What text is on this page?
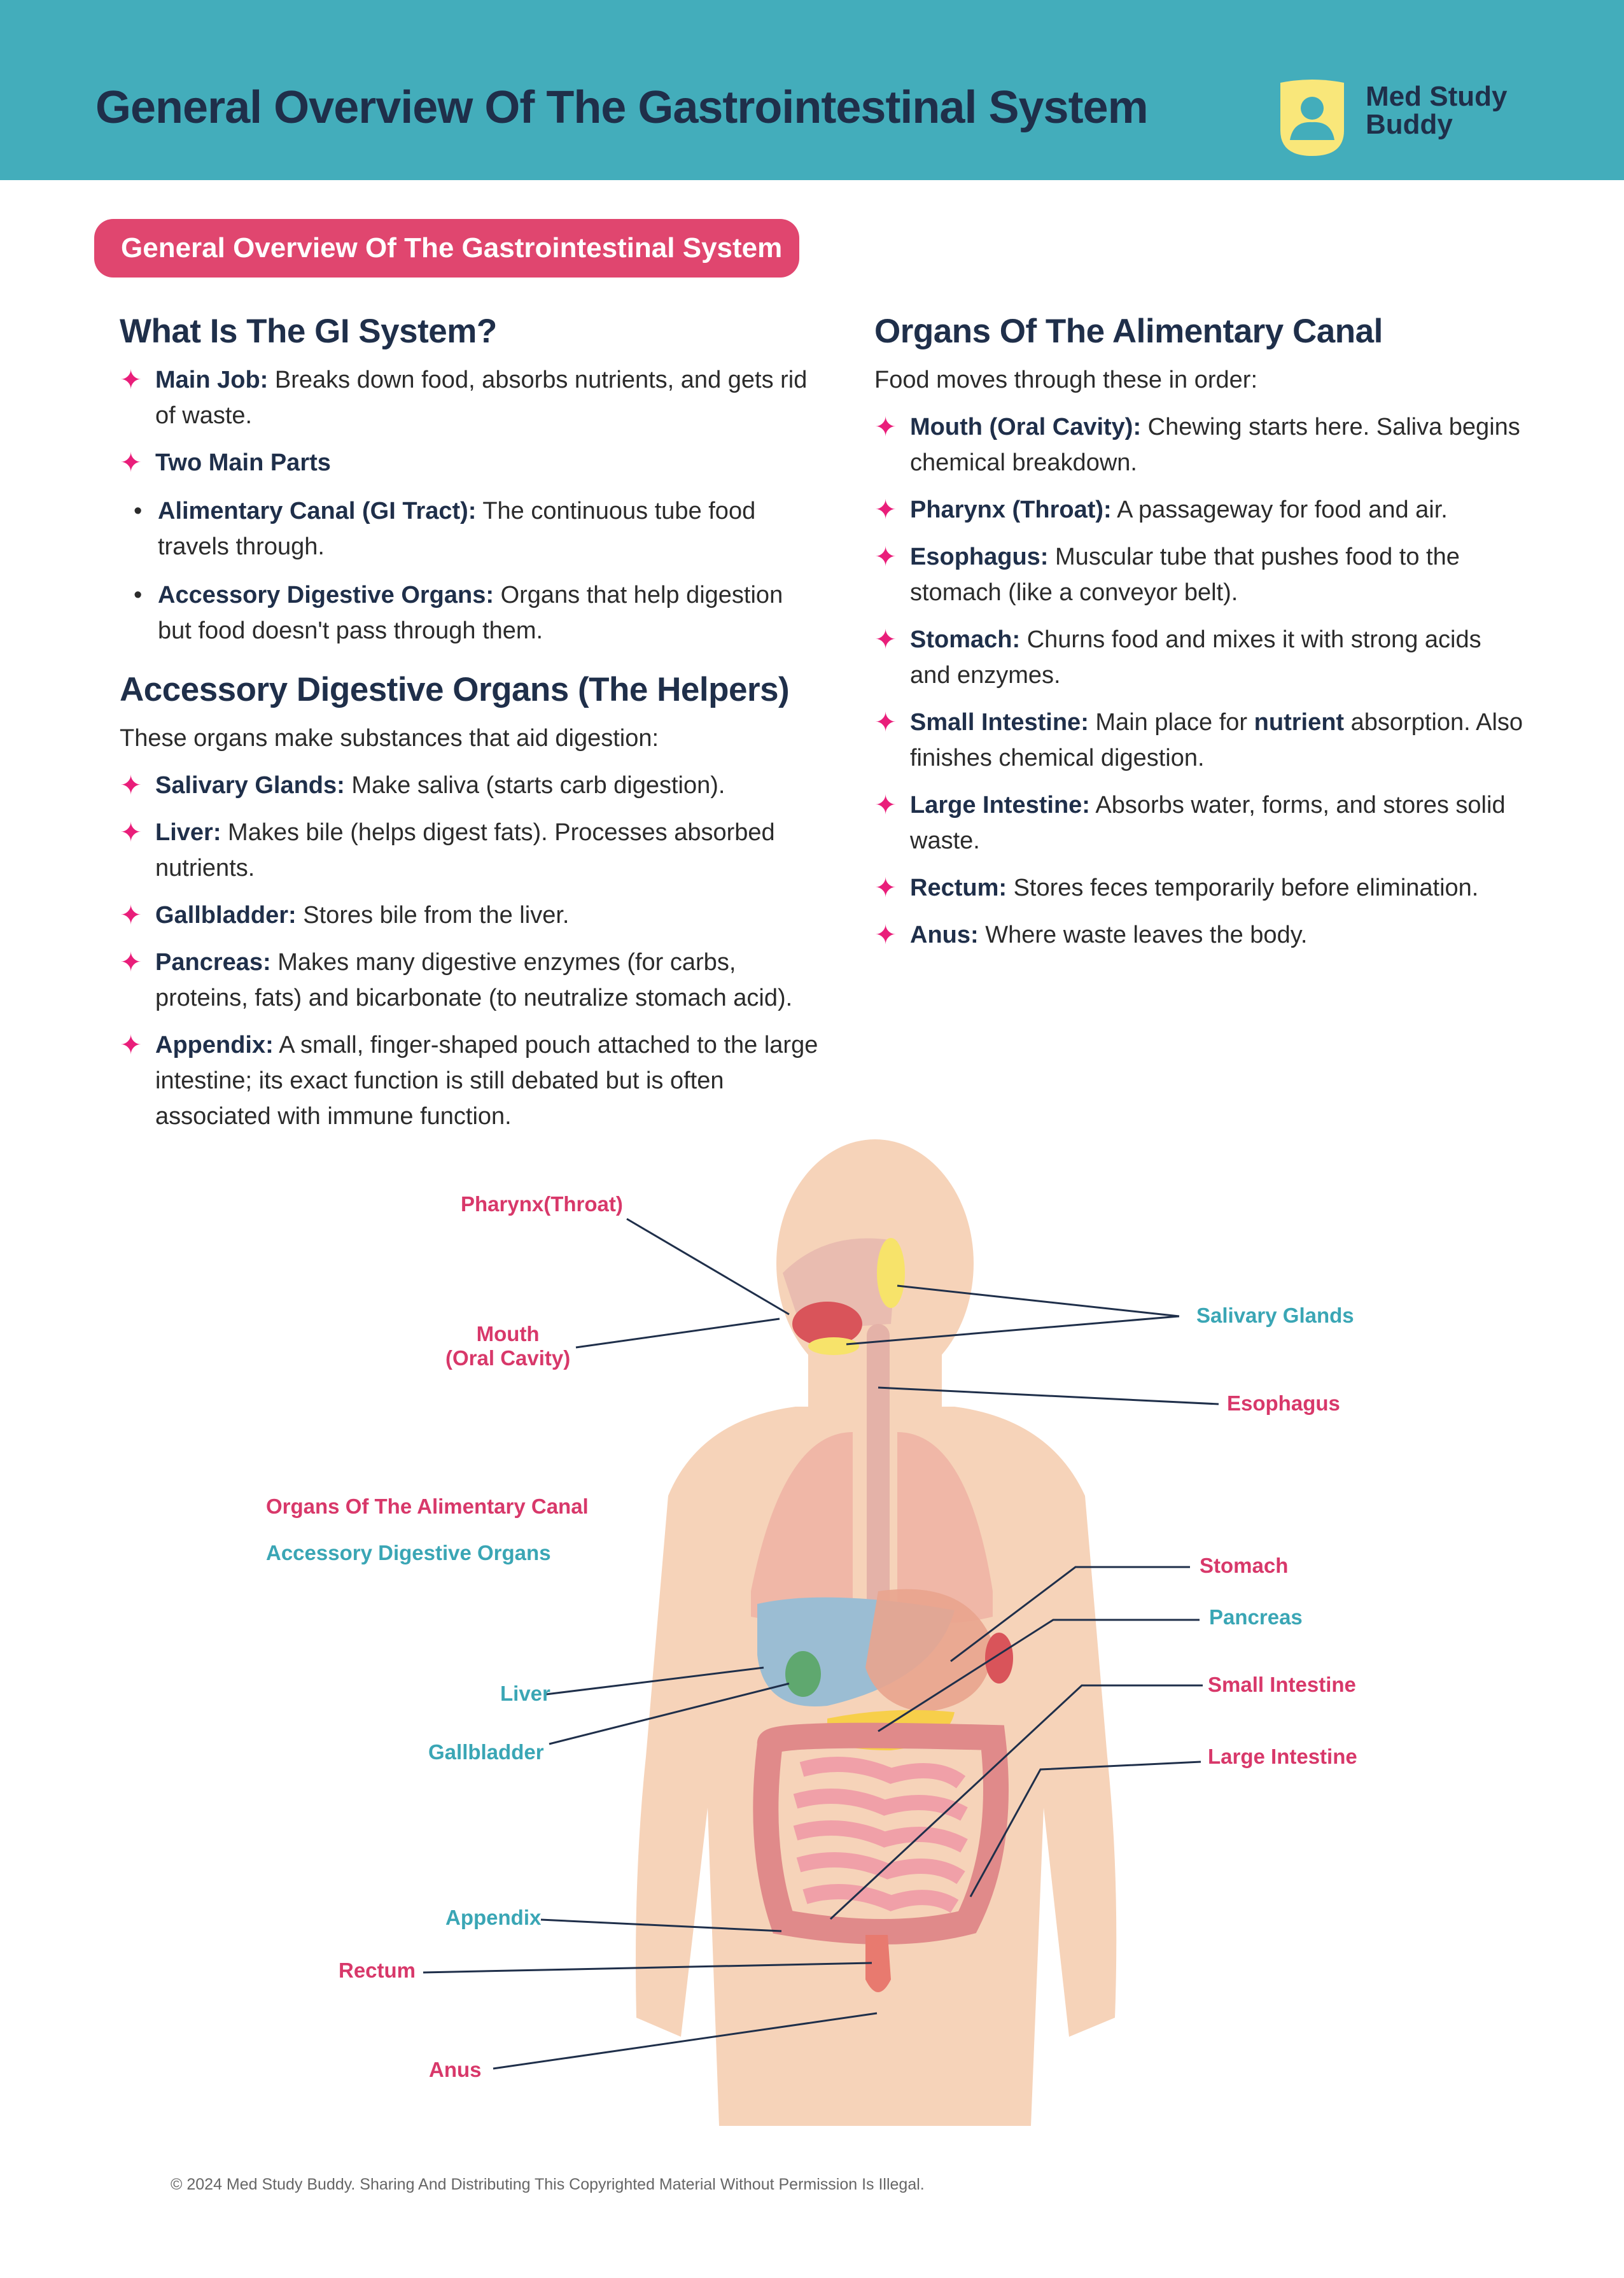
General Overview Of The Gastrointestinal System	Med Study
Buddy
General Overview Of The Gastrointestinal System
What Is The GI System?
✦ Main Job: Breaks down food, absorbs nutrients, and gets rid of waste.
✦ Two Main Parts
• Alimentary Canal (GI Tract): The continuous tube food travels through.
• Accessory Digestive Organs: Organs that help digestion but food doesn't pass through them.
Accessory Digestive Organs (The Helpers)
These organs make substances that aid digestion:
✦ Salivary Glands: Make saliva (starts carb digestion).
✦ Liver: Makes bile (helps digest fats). Processes absorbed nutrients.
✦ Gallbladder: Stores bile from the liver.
✦ Pancreas: Makes many digestive enzymes (for carbs, proteins, fats) and bicarbonate (to neutralize stomach acid).
✦ Appendix: A small, finger-shaped pouch attached to the large intestine; its exact function is still debated but is often associated with immune function.
Organs Of The Alimentary Canal
Food moves through these in order:
✦ Mouth (Oral Cavity): Chewing starts here. Saliva begins chemical breakdown.
✦ Pharynx (Throat): A passageway for food and air.
✦ Esophagus: Muscular tube that pushes food to the stomach (like a conveyor belt).
✦ Stomach: Churns food and mixes it with strong acids and enzymes.
✦ Small Intestine: Main place for nutrient absorption. Also finishes chemical digestion.
✦ Large Intestine: Absorbs water, forms, and stores solid waste.
✦ Rectum: Stores feces temporarily before elimination.
✦ Anus: Where waste leaves the body.
Pharynx(Throat)
Mouth
(Oral Cavity)
Salivary Glands
Esophagus
Organs Of The Alimentary Canal
Accessory Digestive Organs
Stomach
Pancreas
Small Intestine
Large Intestine
Liver
Gallbladder
Appendix
Rectum
Anus
© 2024 Med Study Buddy. Sharing And Distributing This Copyrighted Material Without Permission Is Illegal.
